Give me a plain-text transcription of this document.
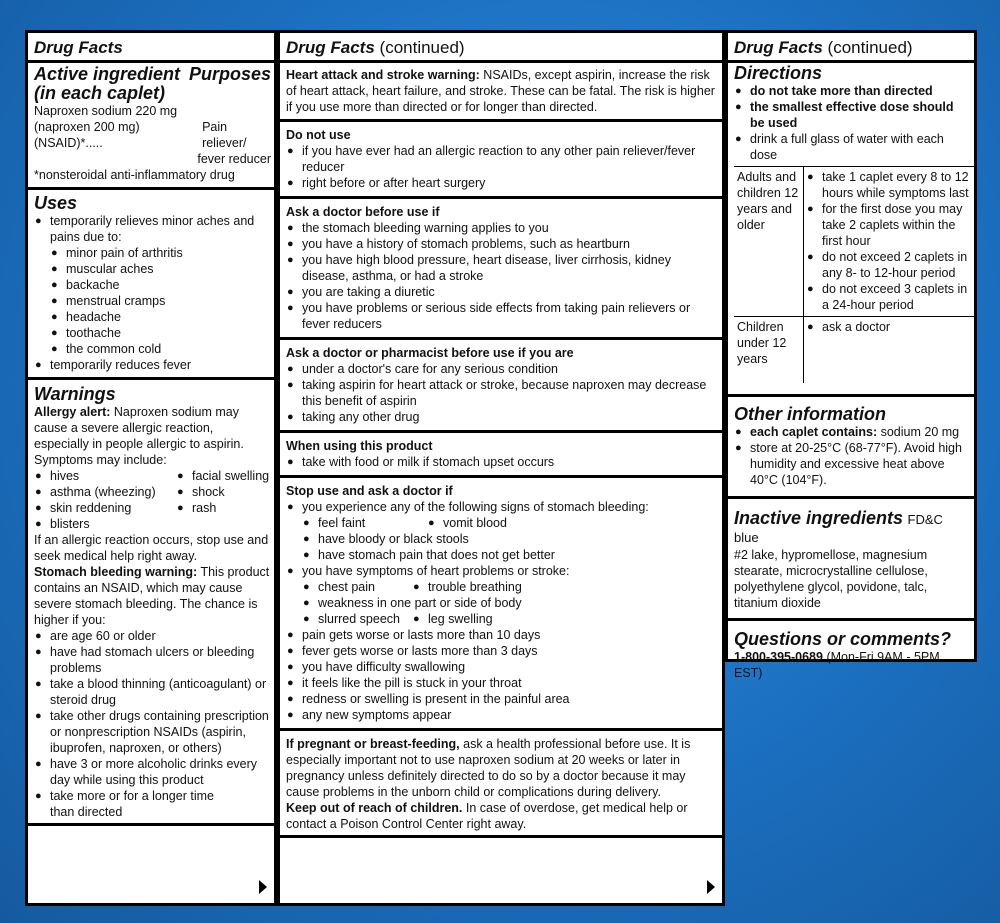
Drug Facts
Active ingredient Purposes
(in each caplet)
Naproxen sodium 220 mg
(naproxen 200 mg) (NSAID)*.....
Pain reliever/
fever reducer
*nonsteroidal anti-inflammatory drug
Uses
● temporarily relieves minor aches and pains due to:
● minor pain of arthritis
● muscular aches
● backache
● menstrual cramps
● headache
● toothache
● the common cold
● temporarily reduces fever
Warnings
Allergy alert: Naproxen sodium may cause a severe allergic reaction, especially in people allergic to aspirin. Symptoms may include:
● hives	● facial swelling
● asthma (wheezing)	● shock
● skin reddening	● rash
● blisters
If an allergic reaction occurs, stop use and seek medical help right away.
Stomach bleeding warning: This product contains an NSAID, which may cause severe stomach bleeding. The chance is higher if you:
● are age 60 or older
● have had stomach ulcers or bleeding problems
● take a blood thinning (anticoagulant) or steroid drug
● take other drugs containing prescription or nonprescription NSAIDs (aspirin, ibuprofen, naproxen, or others)
● have 3 or more alcoholic drinks every day while using this product
● take more or for a longer time than directed
Drug Facts (continued)
Heart attack and stroke warning: NSAIDs, except aspirin, increase the risk of heart attack, heart failure, and stroke. These can be fatal. The risk is higher if you use more than directed or for longer than directed.
Do not use
● if you have ever had an allergic reaction to any other pain reliever/fever reducer
● right before or after heart surgery
Ask a doctor before use if
● the stomach bleeding warning applies to you
● you have a history of stomach problems, such as heartburn
● you have high blood pressure, heart disease, liver cirrhosis, kidney disease, asthma, or had a stroke
● you are taking a diuretic
● you have problems or serious side effects from taking pain relievers or fever reducers
Ask a doctor or pharmacist before use if you are
● under a doctor's care for any serious condition
● taking aspirin for heart attack or stroke, because naproxen may decrease this benefit of aspirin
● taking any other drug
When using this product
● take with food or milk if stomach upset occurs
Stop use and ask a doctor if
● you experience any of the following signs of stomach bleeding:
● feel faint	● vomit blood
● have bloody or black stools
● have stomach pain that does not get better
● you have symptoms of heart problems or stroke:
● chest pain	● trouble breathing
● weakness in one part or side of body
● slurred speech	● leg swelling
● pain gets worse or lasts more than 10 days
● fever gets worse or lasts more than 3 days
● you have difficulty swallowing
● it feels like the pill is stuck in your throat
● redness or swelling is present in the painful area
● any new symptoms appear
If pregnant or breast-feeding, ask a health professional before use. It is especially important not to use naproxen sodium at 20 weeks or later in pregnancy unless definitely directed to do so by a doctor because it may cause problems in the unborn child or complications during delivery.
Keep out of reach of children. In case of overdose, get medical help or contact a Poison Control Center right away.
Drug Facts (continued)
Directions
● do not take more than directed
● the smallest effective dose should be used
● drink a full glass of water with each dose
Adults and children 12 years and older
● take 1 caplet every 8 to 12 hours while symptoms last
● for the first dose you may take 2 caplets within the first hour
● do not exceed 2 caplets in any 8- to 12-hour period
● do not exceed 3 caplets in a 24-hour period
Children under 12 years
● ask a doctor
Other information
● each caplet contains: sodium 20 mg
● store at 20-25°C (68-77°F). Avoid high humidity and excessive heat above 40°C (104°F).
Inactive ingredients FD&C blue
#2 lake, hypromellose, magnesium stearate, microcrystalline cellulose, polyethylene glycol, povidone, talc, titanium dioxide
Questions or comments?
1-800-395-0689 (Mon-Fri 9AM - 5PM EST)
